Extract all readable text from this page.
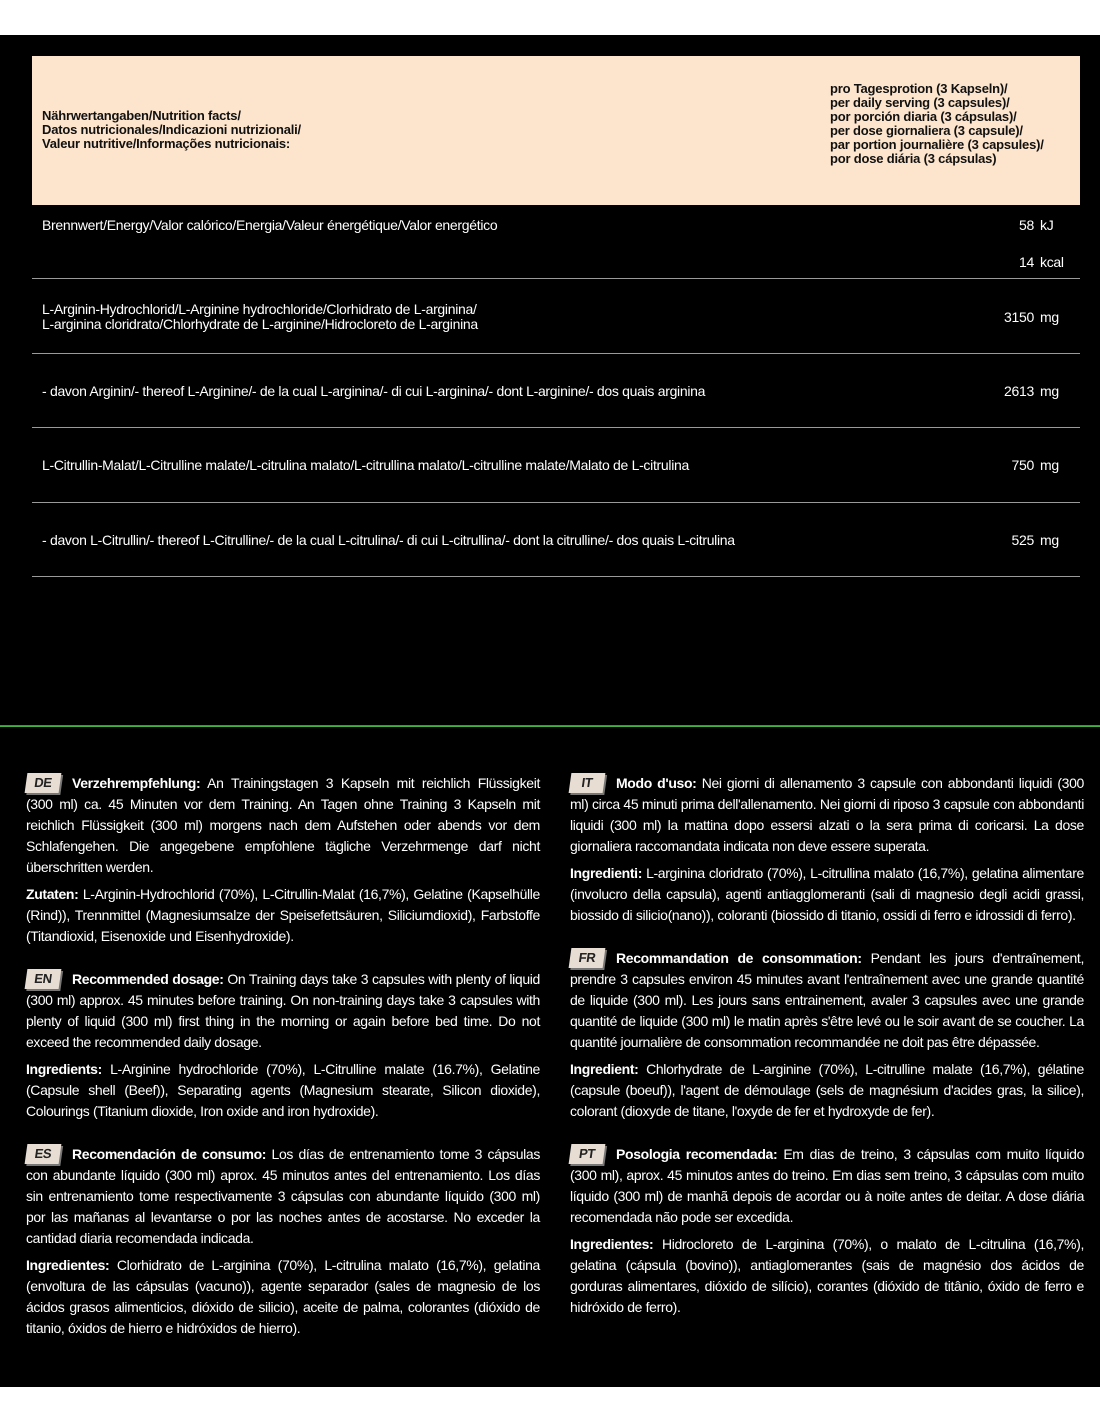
Nährwertangaben/Nutrition facts/
Datos nutricionales/Indicazioni nutrizionali/
Valeur nutritive/Informações nutricionais:
pro Tagesprotion (3 Kapseln)/
per daily serving (3 capsules)/
por porción diaria (3 cápsulas)/
per dose giornaliera (3 capsule)/
par portion journalière (3 capsules)/
por dose diária (3 cápsulas)
Brennwert/Energy/Valor calórico/Energia/Valeur énergétique/Valor energético	58 kJ
14 kcal
L-Arginin-Hydrochlorid/L-Arginine hydrochloride/Clorhidrato de L-arginina/
L-arginina cloridrato/Chlorhydrate de L-arginine/Hidrocloreto de L-arginina	3150 mg
- davon Arginin/- thereof L-Arginine/- de la cual L-arginina/- di cui L-arginina/- dont L-arginine/- dos quais arginina	2613 mg
L-Citrullin-Malat/L-Citrulline malate/L-citrulina malato/L-citrullina malato/L-citrulline malate/Malato de L-citrulina	750 mg
- davon L-Citrullin/- thereof L-Citrulline/- de la cual L-citrulina/- di cui L-citrullina/- dont la citrulline/- dos quais L-citrulina	525 mg

DE Verzehrempfehlung: An Trainingstagen 3 Kapseln mit reichlich Flüssigkeit (300 ml) ca. 45 Minuten vor dem Training. An Tagen ohne Training 3 Kapseln mit reichlich Flüssigkeit (300 ml) morgens nach dem Aufstehen oder abends vor dem Schlafengehen. Die angegebene empfohlene tägliche Verzehrmenge darf nicht überschritten werden.

Zutaten: L-Arginin-Hydrochlorid (70%), L-Citrullin-Malat (16,7%), Gelatine (Kapselhülle (Rind)), Trennmittel (Magnesiumsalze der Speisefettsäuren, Siliciumdioxid), Farbstoffe (Titandioxid, Eisenoxide und Eisenhydroxide).

EN Recommended dosage: On Training days take 3 capsules with plenty of liquid (300 ml) approx. 45 minutes before training. On non-training days take 3 capsules with plenty of liquid (300 ml) first thing in the morning or again before bed time. Do not exceed the recommended daily dosage.

Ingredients: L-Arginine hydrochloride (70%), L-Citrulline malate (16.7%), Gelatine (Capsule shell (Beef)), Separating agents (Magnesium stearate, Silicon dioxide), Colourings (Titanium dioxide, Iron oxide and iron hydroxide).

ES Recomendación de consumo: Los días de entrenamiento tome 3 cápsulas con abundante líquido (300 ml) aprox. 45 minutos antes del entrenamiento. Los días sin entrenamiento tome respectivamente 3 cápsulas con abundante líquido (300 ml) por las mañanas al levantarse o por las noches antes de acostarse. No exceder la cantidad diaria recomendada indicada.

Ingredientes: Clorhidrato de L-arginina (70%), L-citrulina malato (16,7%), gelatina (envoltura de las cápsulas (vacuno)), agente separador (sales de magnesio de los ácidos grasos alimenticios, dióxido de silicio), aceite de palma, colorantes (dióxido de titanio, óxidos de hierro e hidróxidos de hierro).

IT Modo d'uso: Nei giorni di allenamento 3 capsule con abbondanti liquidi (300 ml) circa 45 minuti prima dell'allenamento. Nei giorni di riposo 3 capsule con abbondanti liquidi (300 ml) la mattina dopo essersi alzati o la sera prima di coricarsi. La dose giornaliera raccomandata indicata non deve essere superata.

Ingredienti: L-arginina cloridrato (70%), L-citrullina malato (16,7%), gelatina alimentare (involucro della capsula), agenti antiagglomeranti (sali di magnesio degli acidi grassi, biossido di silicio(nano)), coloranti (biossido di titanio, ossidi di ferro e idrossidi di ferro).

FR Recommandation de consommation: Pendant les jours d'entraînement, prendre 3 capsules environ 45 minutes avant l'entraînement avec une grande quantité de liquide (300 ml). Les jours sans entrainement, avaler 3 capsules avec une grande quantité de liquide (300 ml) le matin après s'être levé ou le soir avant de se coucher. La quantité journalière de consommation recommandée ne doit pas être dépassée.

Ingredient: Chlorhydrate de L-arginine (70%), L-citrulline malate (16,7%), gélatine (capsule (boeuf)), l'agent de démoulage (sels de magnésium d'acides gras, la silice), colorant (dioxyde de titane, l'oxyde de fer et hydroxyde de fer).

PT Posologia recomendada: Em dias de treino, 3 cápsulas com muito líquido (300 ml), aprox. 45 minutos antes do treino. Em dias sem treino, 3 cápsulas com muito líquido (300 ml) de manhã depois de acordar ou à noite antes de deitar. A dose diária recomendada não pode ser excedida.

Ingredientes: Hidrocloreto de L-arginina (70%), o malato de L-citrulina (16,7%), gelatina (cápsula (bovino)), antiaglomerantes (sais de magnésio dos ácidos de gorduras alimentares, dióxido de silício), corantes (dióxido de titânio, óxido de ferro e hidróxido de ferro).
